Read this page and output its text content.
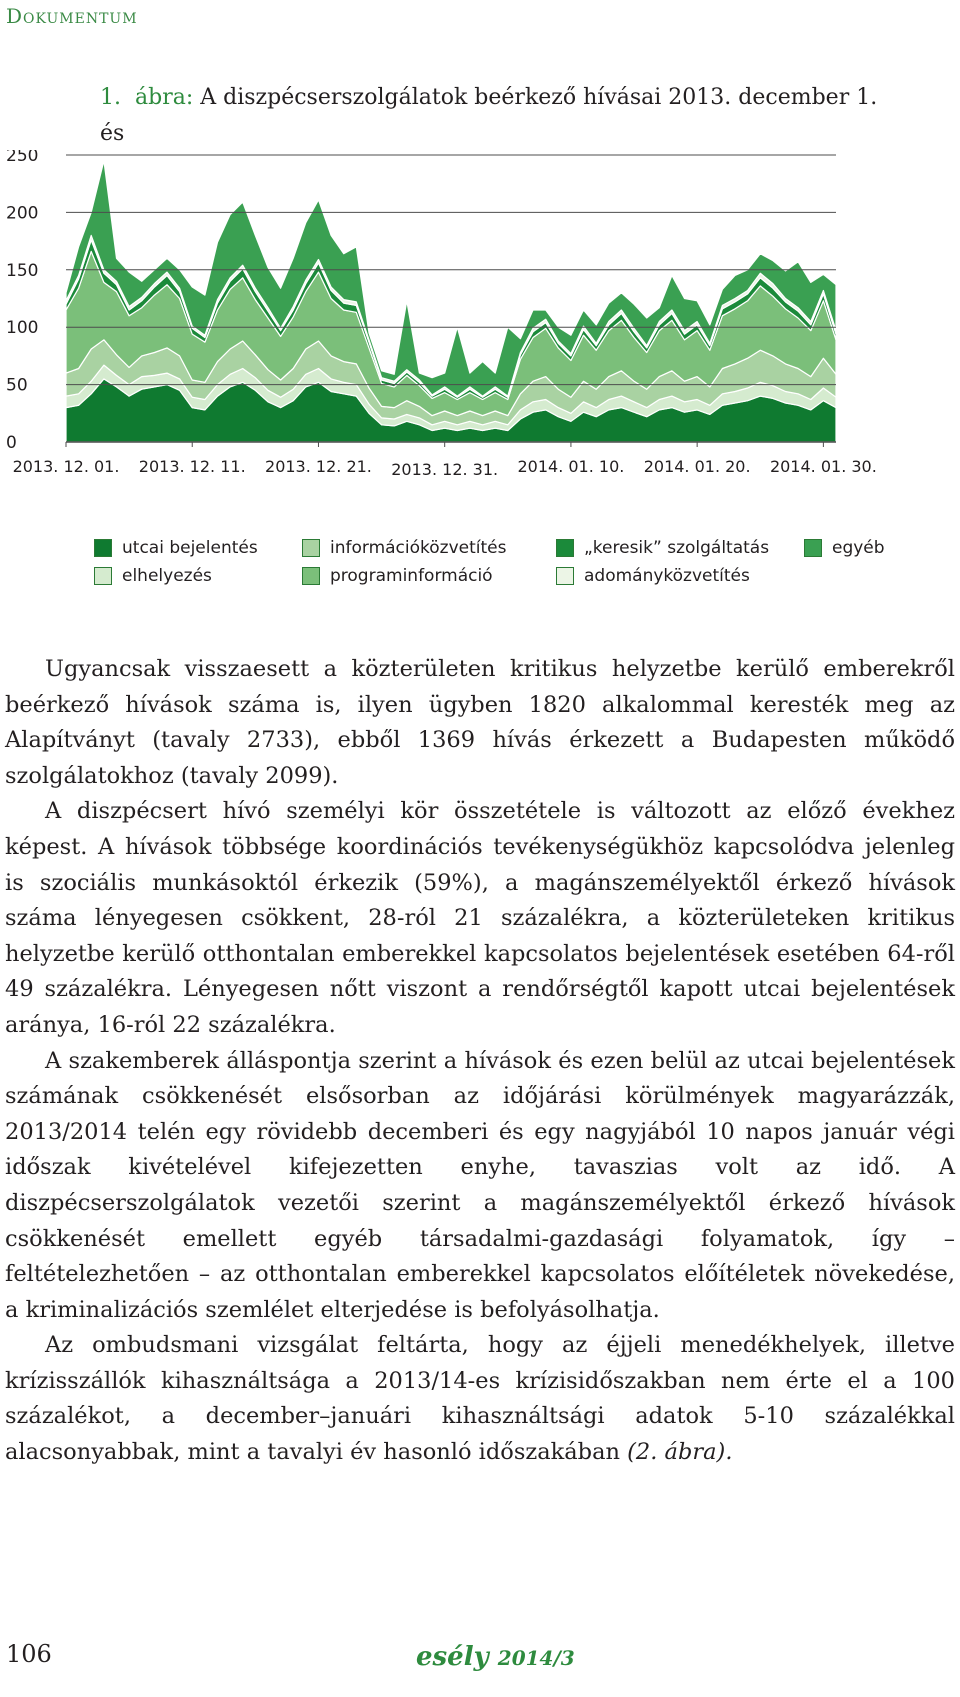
Dokumentum
1. ábra: A diszpécserszolgálatok beérkező hívásai 2013. december 1. és
0
50
100
150
200
250
2013. 12. 01. 2013. 12. 11. 2013. 12. 21. 2013. 12. 31. 2014. 01. 10. 2014. 01. 20. 2014. 01. 30.
utcai bejelentés
elhelyezés
információközvetítés
programinformáció
„keresik” szolgáltatás
adományközvetítés
egyéb

Ugyancsak visszaesett a közterületen kritikus helyzetbe kerülő emberekről beérkező hívások száma is, ilyen ügyben 1820 alkalommal keresték meg az Alapítványt (tavaly 2733), ebből 1369 hívás érkezett a Budapesten működő szolgálatokhoz (tavaly 2099).

A diszpécsert hívó személyi kör összetétele is változott az előző évekhez képest. A hívások többsége koordinációs tevékenységükhöz kapcsolódva jelenleg is szociális munkásoktól érkezik (59%), a magánszemélyektől érkező hívások száma lényegesen csökkent, 28-ról 21 százalékra, a közterületeken kritikus helyzetbe kerülő otthontalan emberekkel kapcsolatos bejelentések esetében 64-ről 49 százalékra. Lényegesen nőtt viszont a rendőrségtől kapott utcai bejelentések aránya, 16-ról 22 százalékra.

A szakemberek álláspontja szerint a hívások és ezen belül az utcai bejelentések számának csökkenését elsősorban az időjárási körülmények magyarázzák, 2013/2014 telén egy rövidebb decemberi és egy nagyjából 10 napos január végi időszak kivételével kifejezetten enyhe, tavaszias volt az idő. A diszpécserszolgálatok vezetői szerint a magánszemélyektől érkező hívások csökkenését emellett egyéb társadalmi-gazdasági folyamatok, így – feltételezhetően – az otthontalan emberekkel kapcsolatos előítéletek növekedése, a kriminalizációs szemlélet elterjedése is befolyásolhatja.

Az ombudsmani vizsgálat feltárta, hogy az éjjeli menedékhelyek, illetve krízisszállók kihasználtsága a 2013/14-es krízisidőszakban nem érte el a 100 százalékot, a december–januári kihasználtsági adatok 5-10 százalékkal alacsonyabbak, mint a tavalyi év hasonló időszakában (2. ábra).

106	esély 2014/3
